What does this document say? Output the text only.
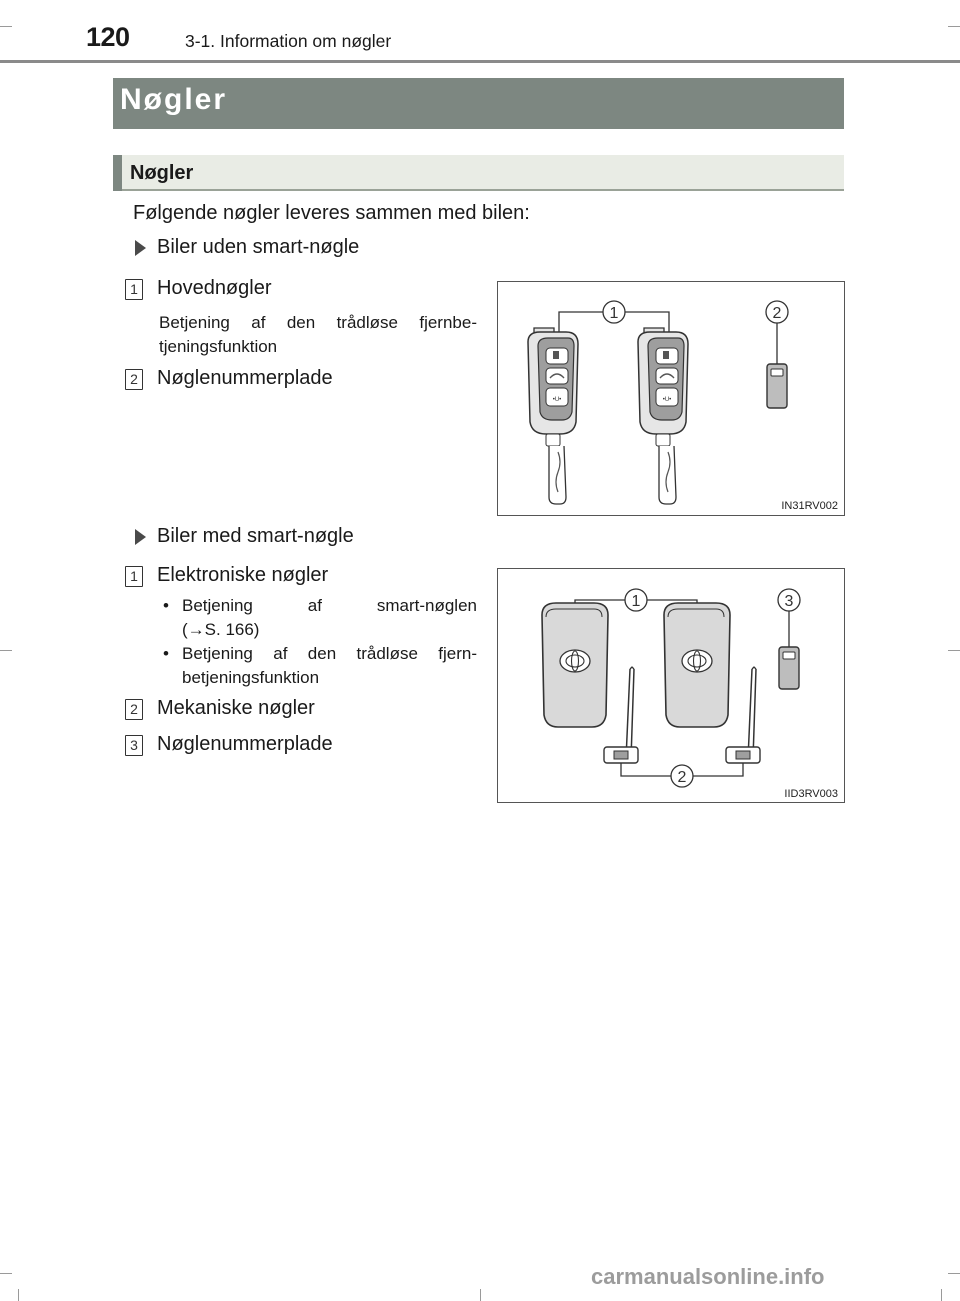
120	3-1. Information om nøgler
Nøgler
Nøgler
Følgende nøgler leveres sammen med bilen:
Biler uden smart-nøgle
1 Hovednøgler
Betjening af den trådløse fjernbe-
tjeningsfunktion
2 Nøglenummerplade
1	2
IN31RV002
Biler med smart-nøgle
1 Elektroniske nøgler
• Betjening af smart-nøglen
(→S. 166)
• Betjening af den trådløse fjern-
betjeningsfunktion
2 Mekaniske nøgler
3 Nøglenummerplade
1	3
2
IID3RV003
carmanualsonline.info
